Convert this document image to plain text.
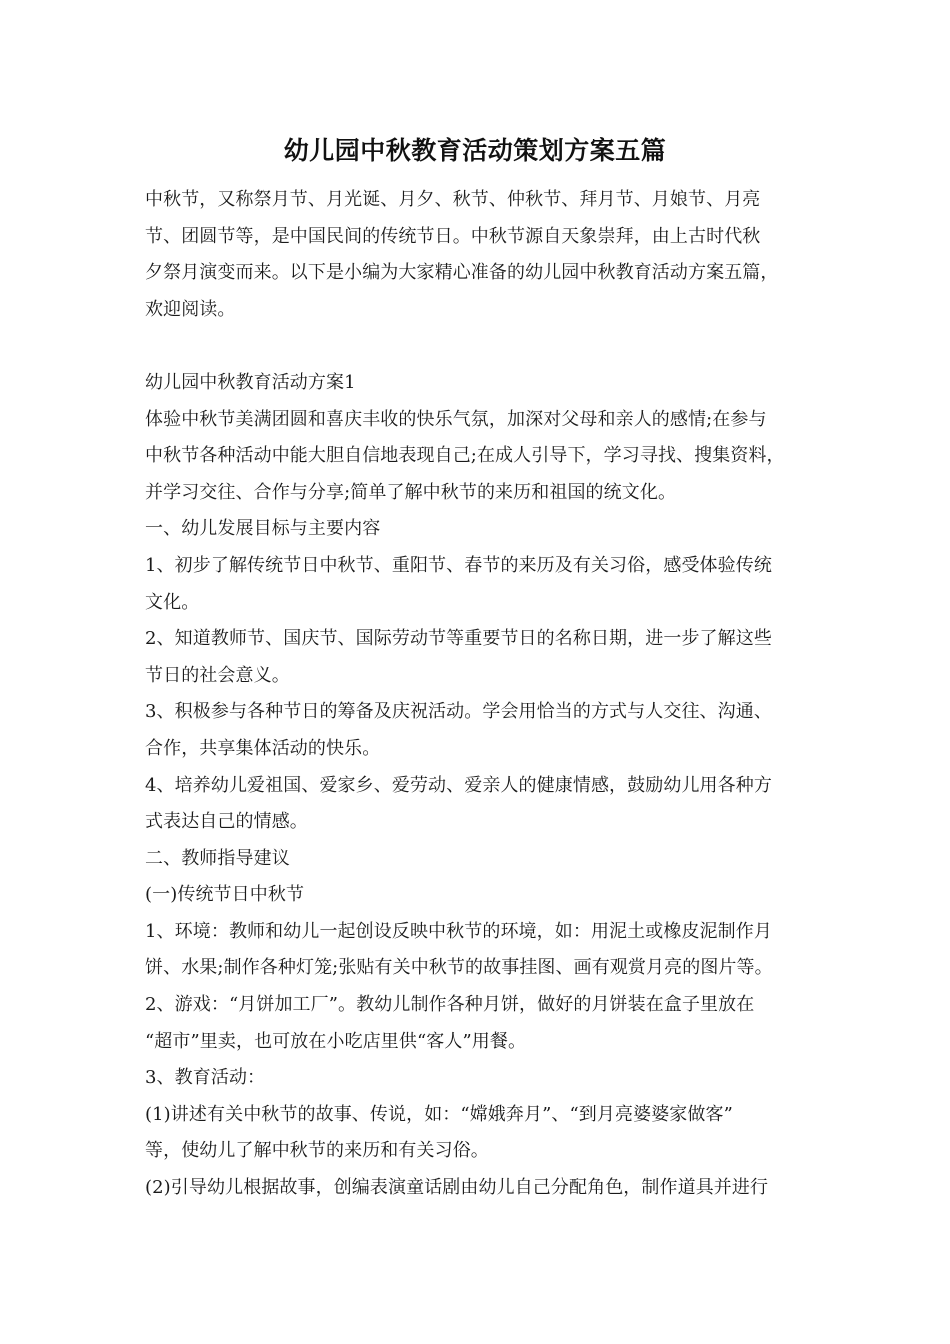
幼儿园中秋教育活动策划方案五篇
中秋节，又称祭月节、月光诞、月夕、秋节、仲秋节、拜月节、月娘节、月亮
节、团圆节等，是中国民间的传统节日。中秋节源自天象崇拜，由上古时代秋
夕祭月演变而来。以下是小编为大家精心准备的幼儿园中秋教育活动方案五篇，
欢迎阅读。
幼儿园中秋教育活动方案1
体验中秋节美满团圆和喜庆丰收的快乐气氛，加深对父母和亲人的感情;在参与
中秋节各种活动中能大胆自信地表现自己;在成人引导下，学习寻找、搜集资料，
并学习交往、合作与分享;简单了解中秋节的来历和祖国的统文化。
一、幼儿发展目标与主要内容
1、初步了解传统节日中秋节、重阳节、春节的来历及有关习俗，感受体验传统
文化。
2、知道教师节、国庆节、国际劳动节等重要节日的名称日期，进一步了解这些
节日的社会意义。
3、积极参与各种节日的筹备及庆祝活动。学会用恰当的方式与人交往、沟通、
合作，共享集体活动的快乐。
4、培养幼儿爱祖国、爱家乡、爱劳动、爱亲人的健康情感，鼓励幼儿用各种方
式表达自己的情感。
二、教师指导建议
(一)传统节日中秋节
1、环境：教师和幼儿一起创设反映中秋节的环境，如：用泥土或橡皮泥制作月
饼、水果;制作各种灯笼;张贴有关中秋节的故事挂图、画有观赏月亮的图片等。
2、游戏：“月饼加工厂”。教幼儿制作各种月饼，做好的月饼装在盒子里放在
“超市”里卖，也可放在小吃店里供“客人”用餐。
3、教育活动：
(1)讲述有关中秋节的故事、传说，如：“嫦娥奔月”、“到月亮婆婆家做客”
等，使幼儿了解中秋节的来历和有关习俗。
(2)引导幼儿根据故事，创编表演童话剧由幼儿自己分配角色，制作道具并进行
